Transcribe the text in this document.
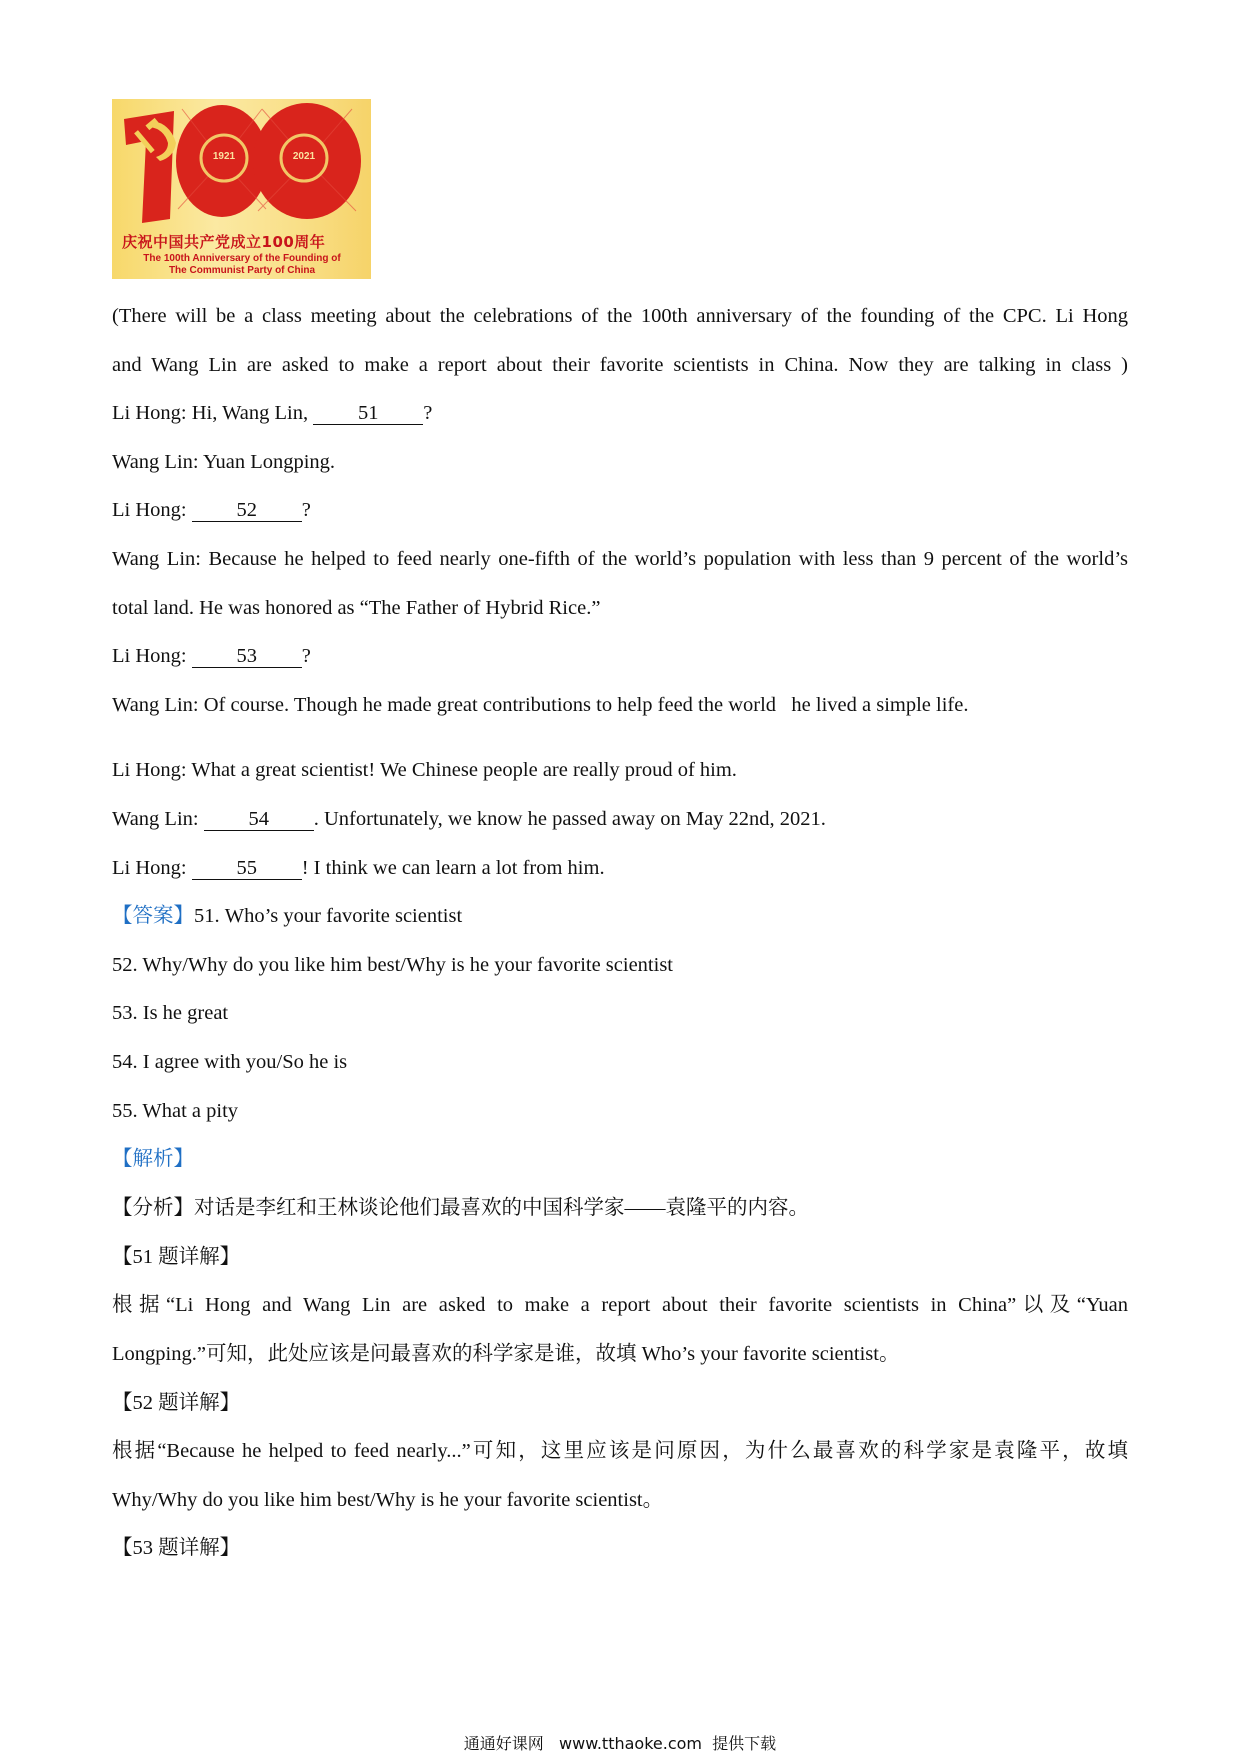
1921	2021
庆祝中国共产党成立100周年
The 100th Anniversary of the Founding of
The Communist Party of China
(There will be a class meeting about the celebrations of the 100th anniversary of the founding of the CPC. Li Hong
and Wang Lin are asked to make a report about their favorite scientists in China. Now they are talking in class )
Li Hong: Hi, Wang Lin, 51 ?
Wang Lin: Yuan Longping.
Li Hong: 52 ?
Wang Lin: Because he helped to feed nearly one-fifth of the world’s population with less than 9 percent of the world’s
total land. He was honored as “The Father of Hybrid Rice.”
Li Hong: 53 ?
Wang Lin: Of course. Though he made great contributions to help feed the world   he lived a simple life.
Li Hong: What a great scientist! We Chinese people are really proud of him.
Wang Lin: 54 . Unfortunately, we know he passed away on May 22nd, 2021.
Li Hong: 55 ! I think we can learn a lot from him.
【答案】51. Who’s your favorite scientist
52. Why/Why do you like him best/Why is he your favorite scientist
53. Is he great
54. I agree with you/So he is
55. What a pity
【解析】
【分析】对话是李红和王林谈论他们最喜欢的中国科学家——袁隆平的内容。
【51 题详解】
根据“Li Hong and Wang Lin are asked to make a report about their favorite scientists in China”以及“Yuan
Longping.”可知，此处应该是问最喜欢的科学家是谁，故填 Who’s your favorite scientist。
【52 题详解】
根据“Because he helped to feed nearly...”可知，这里应该是问原因，为什么最喜欢的科学家是袁隆平，故填
Why/Why do you like him best/Why is he your favorite scientist。
【53 题详解】
通通好课网   www.tthaoke.com  提供下载
